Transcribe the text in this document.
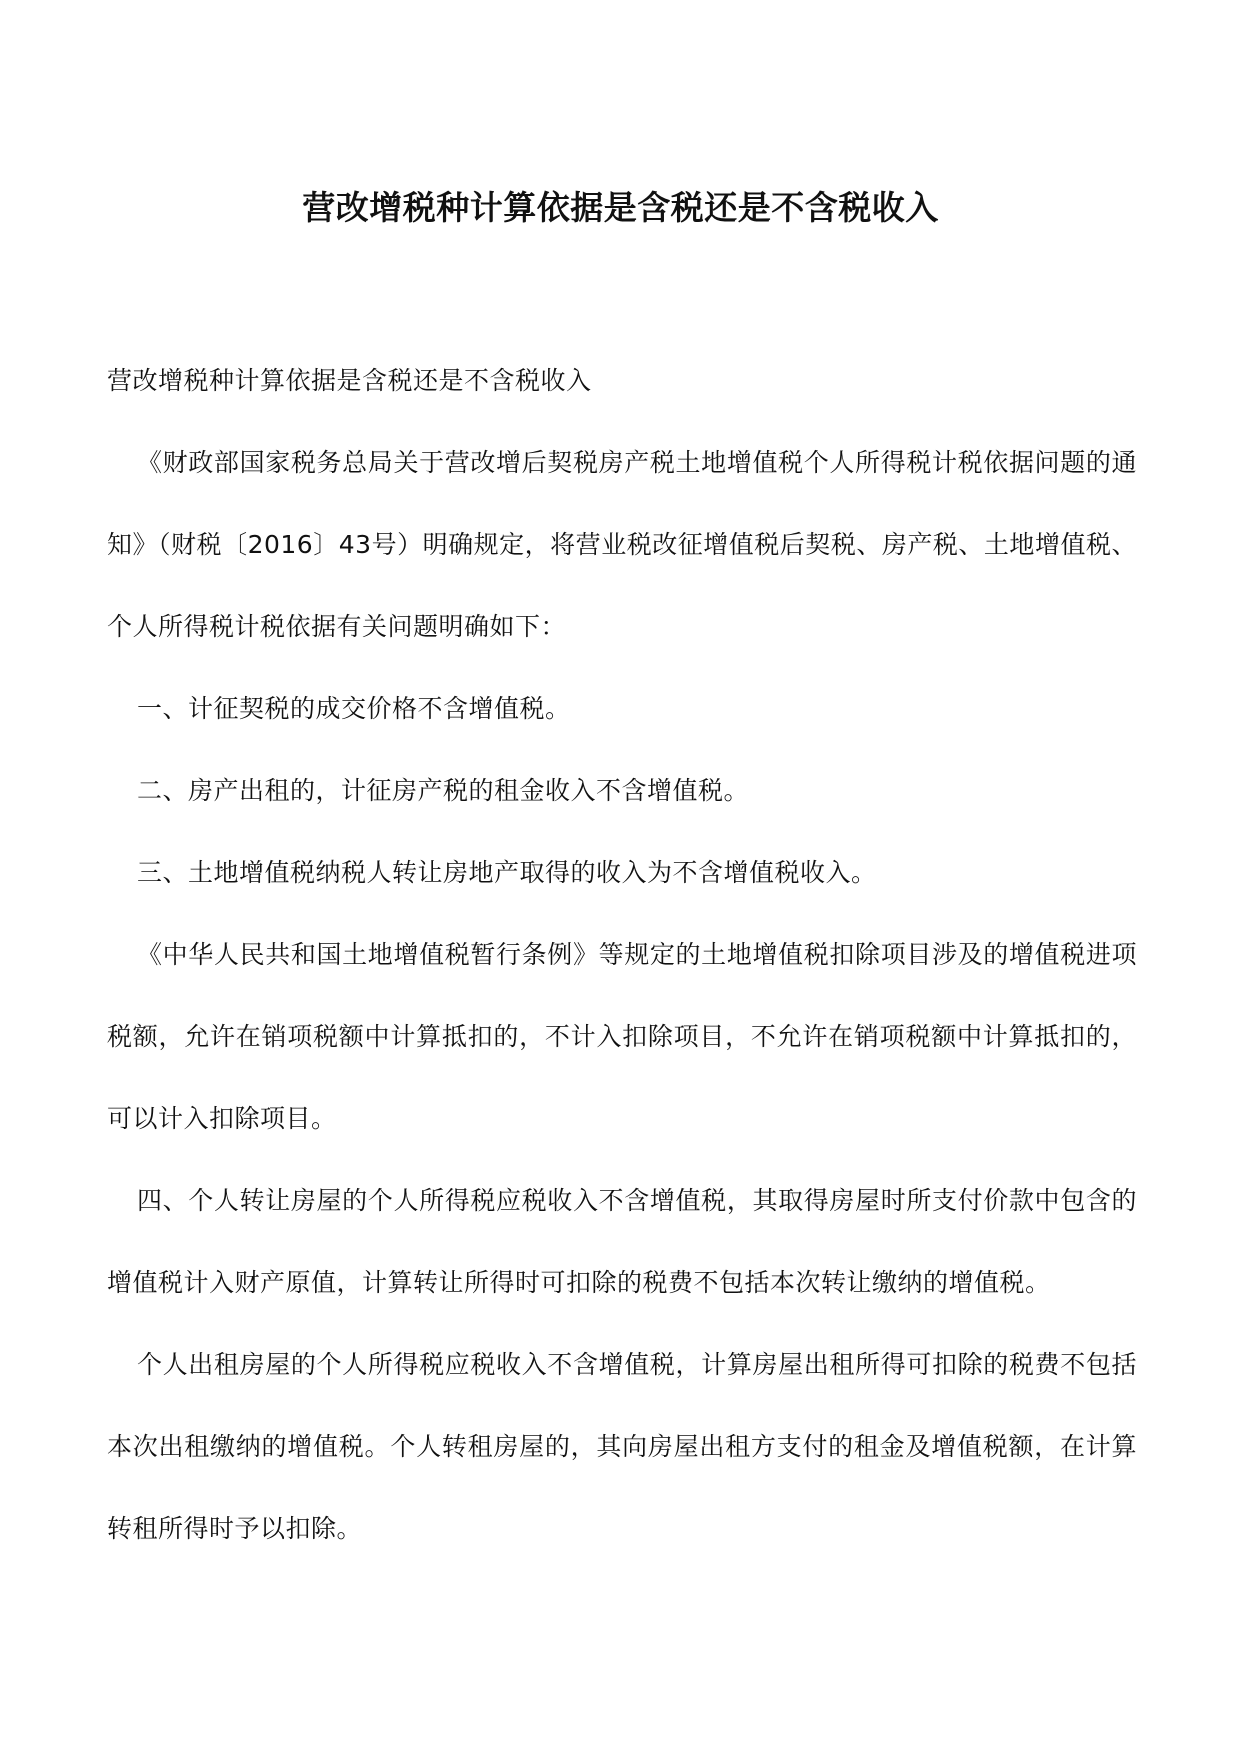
营改增税种计算依据是含税还是不含税收入

营改增税种计算依据是含税还是不含税收入

《财政部国家税务总局关于营改增后契税房产税土地增值税个人所得税计税依据问题的通知》（财税〔2016〕43号）明确规定，将营业税改征增值税后契税、房产税、土地增值税、个人所得税计税依据有关问题明确如下：

一、计征契税的成交价格不含增值税。

二、房产出租的，计征房产税的租金收入不含增值税。

三、土地增值税纳税人转让房地产取得的收入为不含增值税收入。

《中华人民共和国土地增值税暂行条例》等规定的土地增值税扣除项目涉及的增值税进项税额，允许在销项税额中计算抵扣的，不计入扣除项目，不允许在销项税额中计算抵扣的，可以计入扣除项目。

四、个人转让房屋的个人所得税应税收入不含增值税，其取得房屋时所支付价款中包含的增值税计入财产原值，计算转让所得时可扣除的税费不包括本次转让缴纳的增值税。

个人出租房屋的个人所得税应税收入不含增值税，计算房屋出租所得可扣除的税费不包括本次出租缴纳的增值税。个人转租房屋的，其向房屋出租方支付的租金及增值税额，在计算转租所得时予以扣除。
